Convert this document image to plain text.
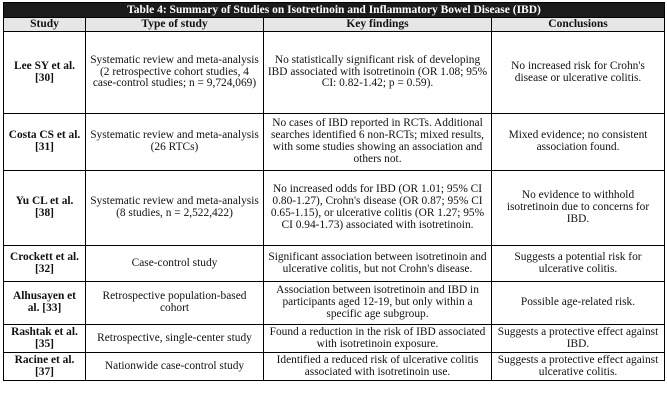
Table 4: Summary of Studies on Isotretinoin and Inflammatory Bowel Disease (IBD)			
Study	Type of study	Key findings	Conclusions
Lee SY et al. [30]	Systematic review and meta-analysis (2 retrospective cohort studies, 4 case-control studies; n = 9,724,069)	No statistically significant risk of developing IBD associated with isotretinoin (OR 1.08; 95% CI: 0.82-1.42; p = 0.59).	No increased risk for Crohn's disease or ulcerative colitis.
Costa CS et al. [31]	Systematic review and meta-analysis (26 RTCs)	No cases of IBD reported in RCTs. Additional searches identified 6 non-RCTs; mixed results, with some studies showing an association and others not.	Mixed evidence; no consistent association found.
Yu CL et al. [38]	Systematic review and meta-analysis (8 studies, n = 2,522,422)	No increased odds for IBD (OR 1.01; 95% CI 0.80-1.27), Crohn's disease (OR 0.87; 95% CI 0.65-1.15), or ulcerative colitis (OR 1.27; 95% CI 0.94-1.73) associated with isotretinoin.	No evidence to withhold isotretinoin due to concerns for IBD.
Crockett et al. [32]	Case-control study	Significant association between isotretinoin and ulcerative colitis, but not Crohn's disease.	Suggests a potential risk for ulcerative colitis.
Alhusayen et al. [33]	Retrospective population-based cohort	Association between isotretinoin and IBD in participants aged 12-19, but only within a specific age subgroup.	Possible age-related risk.
Rashtak et al. [35]	Retrospective, single-center study	Found a reduction in the risk of IBD associated with isotretinoin exposure.	Suggests a protective effect against IBD.
Racine et al. [37]	Nationwide case-control study	Identified a reduced risk of ulcerative colitis associated with isotretinoin use.	Suggests a protective effect against ulcerative colitis.
